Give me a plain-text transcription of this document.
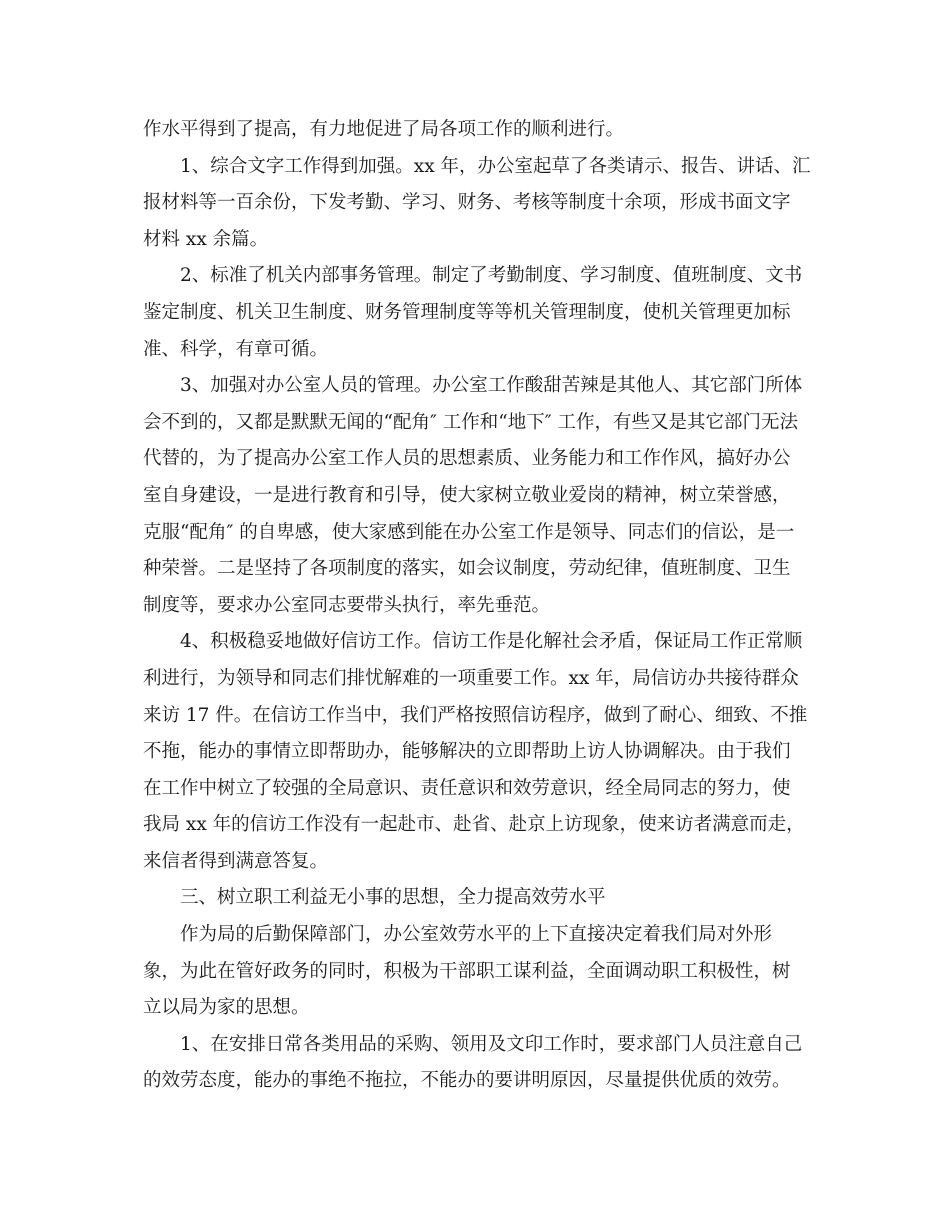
作水平得到了提高，有力地促进了局各项工作的顺利进行。
1、综合文字工作得到加强。xx 年，办公室起草了各类请示、报告、讲话、汇
报材料等一百余份，下发考勤、学习、财务、考核等制度十余项，形成书面文字
材料 xx 余篇。
2、标准了机关内部事务管理。制定了考勤制度、学习制度、值班制度、文书
鉴定制度、机关卫生制度、财务管理制度等等机关管理制度，使机关管理更加标
准、科学，有章可循。
3、加强对办公室人员的管理。办公室工作酸甜苦辣是其他人、其它部门所体
会不到的，又都是默默无闻的“配角″ 工作和“地下″ 工作，有些又是其它部门无法
代替的，为了提高办公室工作人员的思想素质、业务能力和工作作风，搞好办公
室自身建设，一是进行教育和引导，使大家树立敬业爱岗的精神，树立荣誉感，
克服“配角″ 的自卑感，使大家感到能在办公室工作是领导、同志们的信讼，是一
种荣誉。二是坚持了各项制度的落实，如会议制度，劳动纪律，值班制度、卫生
制度等，要求办公室同志要带头执行，率先垂范。
4、积极稳妥地做好信访工作。信访工作是化解社会矛盾，保证局工作正常顺
利进行，为领导和同志们排忧解难的一项重要工作。xx 年，局信访办共接待群众
来访 17 件。在信访工作当中，我们严格按照信访程序，做到了耐心、细致、不推
不拖，能办的事情立即帮助办，能够解决的立即帮助上访人协调解决。由于我们
在工作中树立了较强的全局意识、责任意识和效劳意识，经全局同志的努力，使
我局 xx 年的信访工作没有一起赴市、赴省、赴京上访现象，使来访者满意而走，
来信者得到满意答复。
三、树立职工利益无小事的思想，全力提高效劳水平
作为局的后勤保障部门，办公室效劳水平的上下直接决定着我们局对外形
象，为此在管好政务的同时，积极为干部职工谋利益，全面调动职工积极性，树
立以局为家的思想。
1、在安排日常各类用品的采购、领用及文印工作时，要求部门人员注意自己
的效劳态度，能办的事绝不拖拉，不能办的要讲明原因，尽量提供优质的效劳。
